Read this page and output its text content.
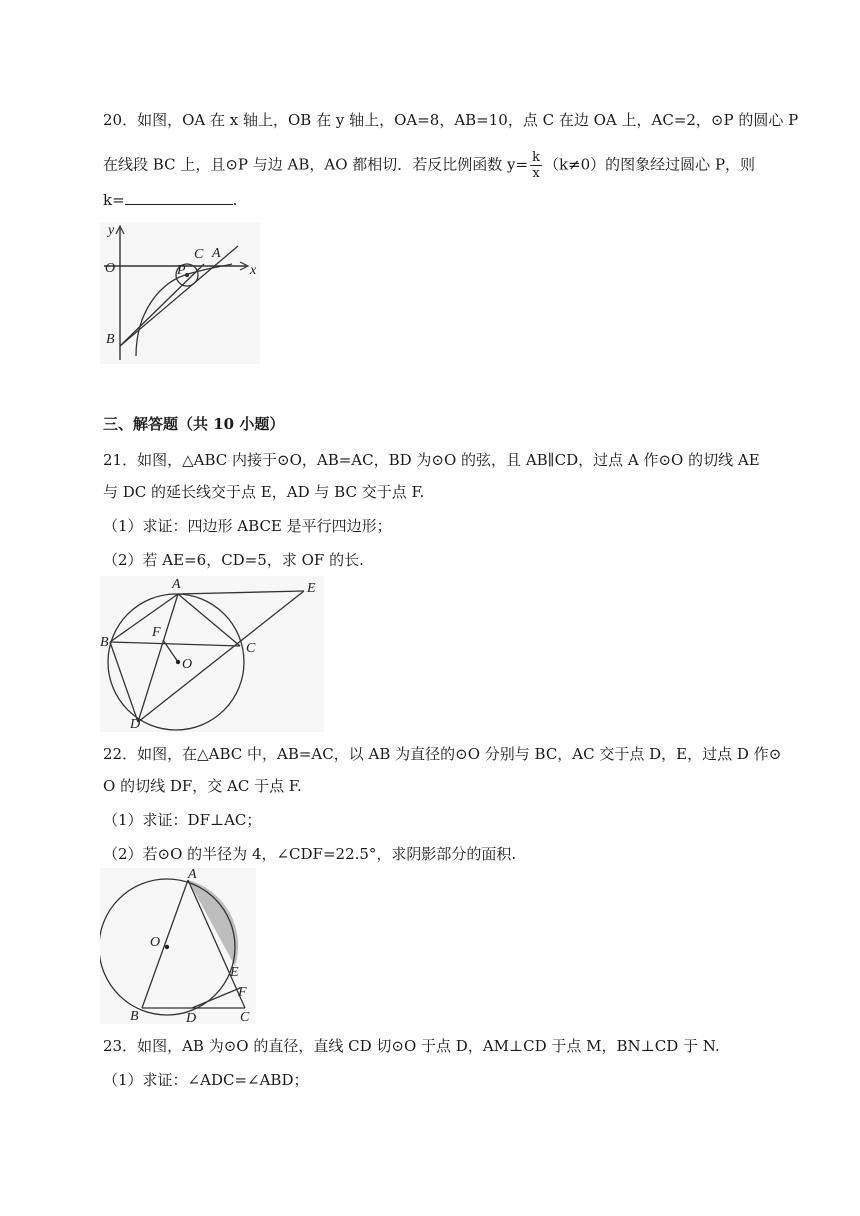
20．如图，OA 在 x 轴上，OB 在 y 轴上，OA=8，AB=10，点 C 在边 OA 上，AC=2，⊙P 的圆心 P
在线段 BC 上，且⊙P 与边 AB，AO 都相切．若反比例函数 $y= \frac{k}{x} (k\ne 0)$的图象经过圆心 P，则
k=	.
y
O
C A
x
P
B
三、解答题（共 10 小题）
21．如图，△ABC 内接于⊙O，AB=AC，BD 为⊙O 的弦，且 AB∥CD，过点 A 作⊙O 的切线 AE
与 DC 的延长线交于点 E，AD 与 BC 交于点 F.
（1）求证：四边形 ABCE 是平行四边形；
（2）若 AE=6，CD=5，求 OF 的长.
A	E
B
F
C
O
D
22．如图，在△ABC 中，AB=AC，以 AB 为直径的⊙O 分别与 BC，AC 交于点 D，E，过点 D 作⊙
O 的切线 DF，交 AC 于点 F.
（1）求证：DF⊥AC；
（2）若⊙O 的半径为 4，∠CDF=22.5°，求阴影部分的面积.
A
O
E
F
B	D	C
23．如图，AB 为⊙O 的直径，直线 CD 切⊙O 于点 D，AM⊥CD 于点 M，BN⊥CD 于 N.
（1）求证：∠ADC=∠ABD；
